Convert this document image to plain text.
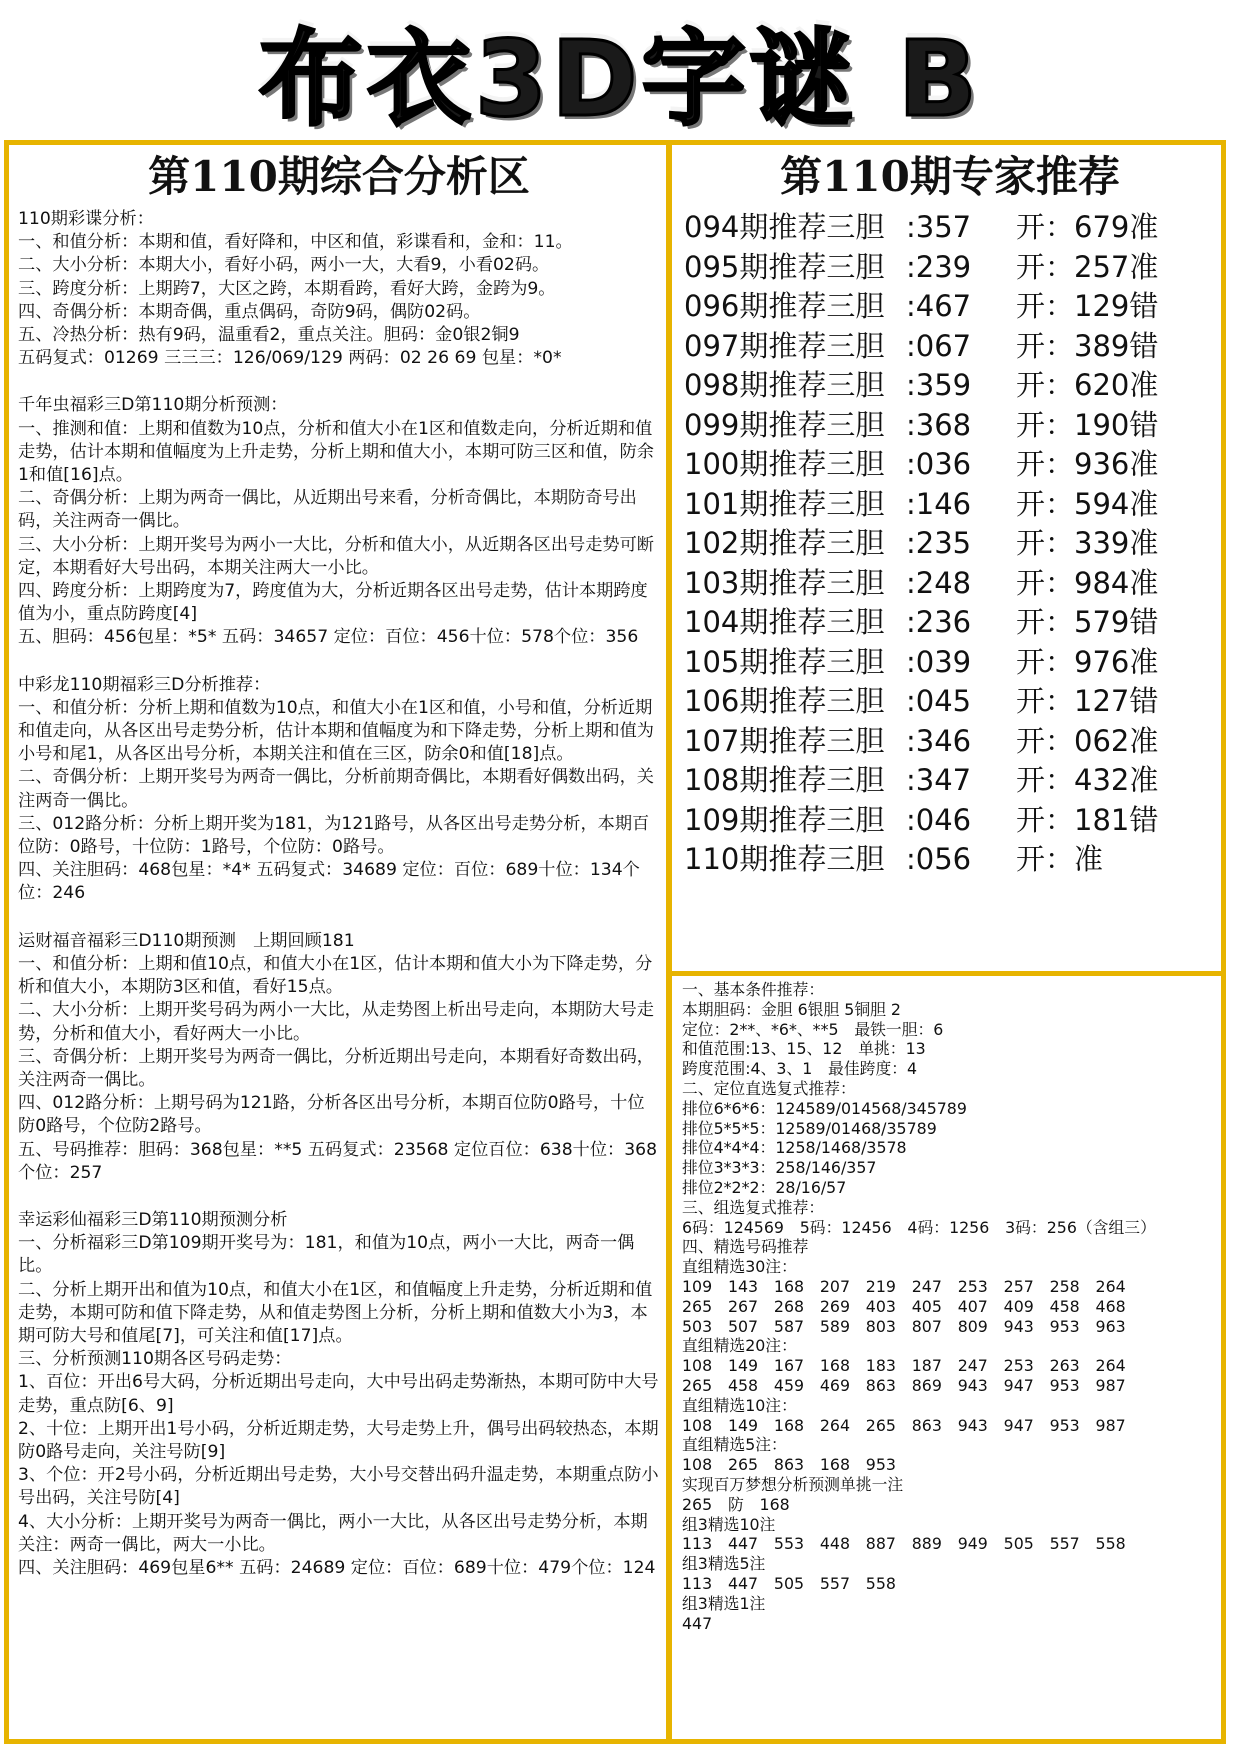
布衣3D字谜 B
第110期综合分析区
110期彩谍分析：
一、和值分析：本期和值，看好降和，中区和值，彩谍看和，金和：11。
二、大小分析：本期大小，看好小码，两小一大，大看9，小看02码。
三、跨度分析：上期跨7，大区之跨，本期看跨，看好大跨，金跨为9。
四、奇偶分析：本期奇偶，重点偶码，奇防9码，偶防02码。
五、冷热分析：热有9码，温重看2，重点关注。胆码：金0银2铜9
五码复式：01269 三三三：126/069/129 两码：02 26 69 包星：*0*
千年虫福彩三D第110期分析预测：
一、推测和值：上期和值数为10点，分析和值大小在1区和值数走向，分析近期和值走势，估计本期和值幅度为上升走势，分析上期和值大小，本期可防三区和值，防余1和值[16]点。
二、奇偶分析：上期为两奇一偶比，从近期出号来看，分析奇偶比，本期防奇号出码，关注两奇一偶比。
三、大小分析：上期开奖号为两小一大比，分析和值大小，从近期各区出号走势可断定，本期看好大号出码，本期关注两大一小比。
四、跨度分析：上期跨度为7，跨度值为大，分析近期各区出号走势，估计本期跨度值为小，重点防跨度[4]
五、胆码：456包星：*5* 五码：34657 定位：百位：456十位：578个位：356
中彩龙110期福彩三D分析推荐：
一、和值分析：分析上期和值数为10点，和值大小在1区和值，小号和值，分析近期和值走向，从各区出号走势分析，估计本期和值幅度为和下降走势，分析上期和值为小号和尾1，从各区出号分析，本期关注和值在三区，防余0和值[18]点。
二、奇偶分析：上期开奖号为两奇一偶比，分析前期奇偶比，本期看好偶数出码，关注两奇一偶比。
三、012路分析：分析上期开奖为181，为121路号，从各区出号走势分析，本期百位防：0路号，十位防：1路号，个位防：0路号。
四、关注胆码：468包星：*4* 五码复式：34689 定位：百位：689十位：134个位：246
运财福音福彩三D110期预测　上期回顾181
一、和值分析：上期和值10点，和值大小在1区，估计本期和值大小为下降走势，分析和值大小，本期防3区和值，看好15点。
二、大小分析：上期开奖号码为两小一大比，从走势图上析出号走向，本期防大号走势，分析和值大小，看好两大一小比。
三、奇偶分析：上期开奖号为两奇一偶比，分析近期出号走向，本期看好奇数出码，关注两奇一偶比。
四、012路分析：上期号码为121路，分析各区出号分析，本期百位防0路号，十位防0路号，个位防2路号。
五、号码推荐：胆码：368包星：**5 五码复式：23568 定位百位：638十位：368个位：257
幸运彩仙福彩三D第110期预测分析
一、分析福彩三D第109期开奖号为：181，和值为10点，两小一大比，两奇一偶比。
二、分析上期开出和值为10点，和值大小在1区，和值幅度上升走势，分析近期和值走势，本期可防和值下降走势，从和值走势图上分析，分析上期和值数大小为3，本期可防大号和值尾[7]，可关注和值[17]点。
三、分析预测110期各区号码走势：
1、百位：开出6号大码，分析近期出号走向，大中号出码走势渐热，本期可防中大号走势，重点防[6、9]
2、十位：上期开出1号小码，分析近期走势，大号走势上升，偶号出码较热态，本期防0路号走向，关注号防[9]
3、个位：开2号小码，分析近期出号走势，大小号交替出码升温走势，本期重点防小号出码，关注号防[4]
4、大小分析：上期开奖号为两奇一偶比，两小一大比，从各区出号走势分析，本期关注：两奇一偶比，两大一小比。
四、关注胆码：469包星6** 五码：24689 定位：百位：689十位：479个位：124
第110期专家推荐
094期推荐三胆 :357	开：679准
095期推荐三胆 :239	开：257准
096期推荐三胆 :467	开：129错
097期推荐三胆 :067	开：389错
098期推荐三胆 :359	开：620准
099期推荐三胆 :368	开：190错
100期推荐三胆 :036	开：936准
101期推荐三胆 :146	开：594准
102期推荐三胆 :235	开：339准
103期推荐三胆 :248	开：984准
104期推荐三胆 :236	开：579错
105期推荐三胆 :039	开：976准
106期推荐三胆 :045	开：127错
107期推荐三胆 :346	开：062准
108期推荐三胆 :347	开：432准
109期推荐三胆 :046	开：181错
110期推荐三胆 :056	开：准
一、基本条件推荐：
本期胆码：金胆 6银胆 5铜胆 2
定位：2**、*6*、**5　最铁一胆：6
和值范围:13、15、12　单挑：13
跨度范围:4、3、1　最佳跨度：4
二、定位直选复式推荐：
排位6*6*6：124589/014568/345789
排位5*5*5：12589/01468/35789
排位4*4*4：1258/1468/3578
排位3*3*3：258/146/357
排位2*2*2：28/16/57
三、组选复式推荐：
6码：124569　5码：12456　4码：1256　3码：256（含组三）
四、精选号码推荐
直组精选30注：
109　143　168　207　219　247　253　257　258　264
265　267　268　269　403　405　407　409　458　468
503　507　587　589　803　807　809　943　953　963
直组精选20注：
108　149　167　168　183　187　247　253　263　264
265　458　459　469　863　869　943　947　953　987
直组精选10注：
108　149　168　264　265　863　943　947　953　987
直组精选5注：
108　265　863　168　953
实现百万梦想分析预测单挑一注
265　防　168
组3精选10注
113　447　553　448　887　889　949　505　557　558
组3精选5注
113　447　505　557　558
组3精选1注
447
